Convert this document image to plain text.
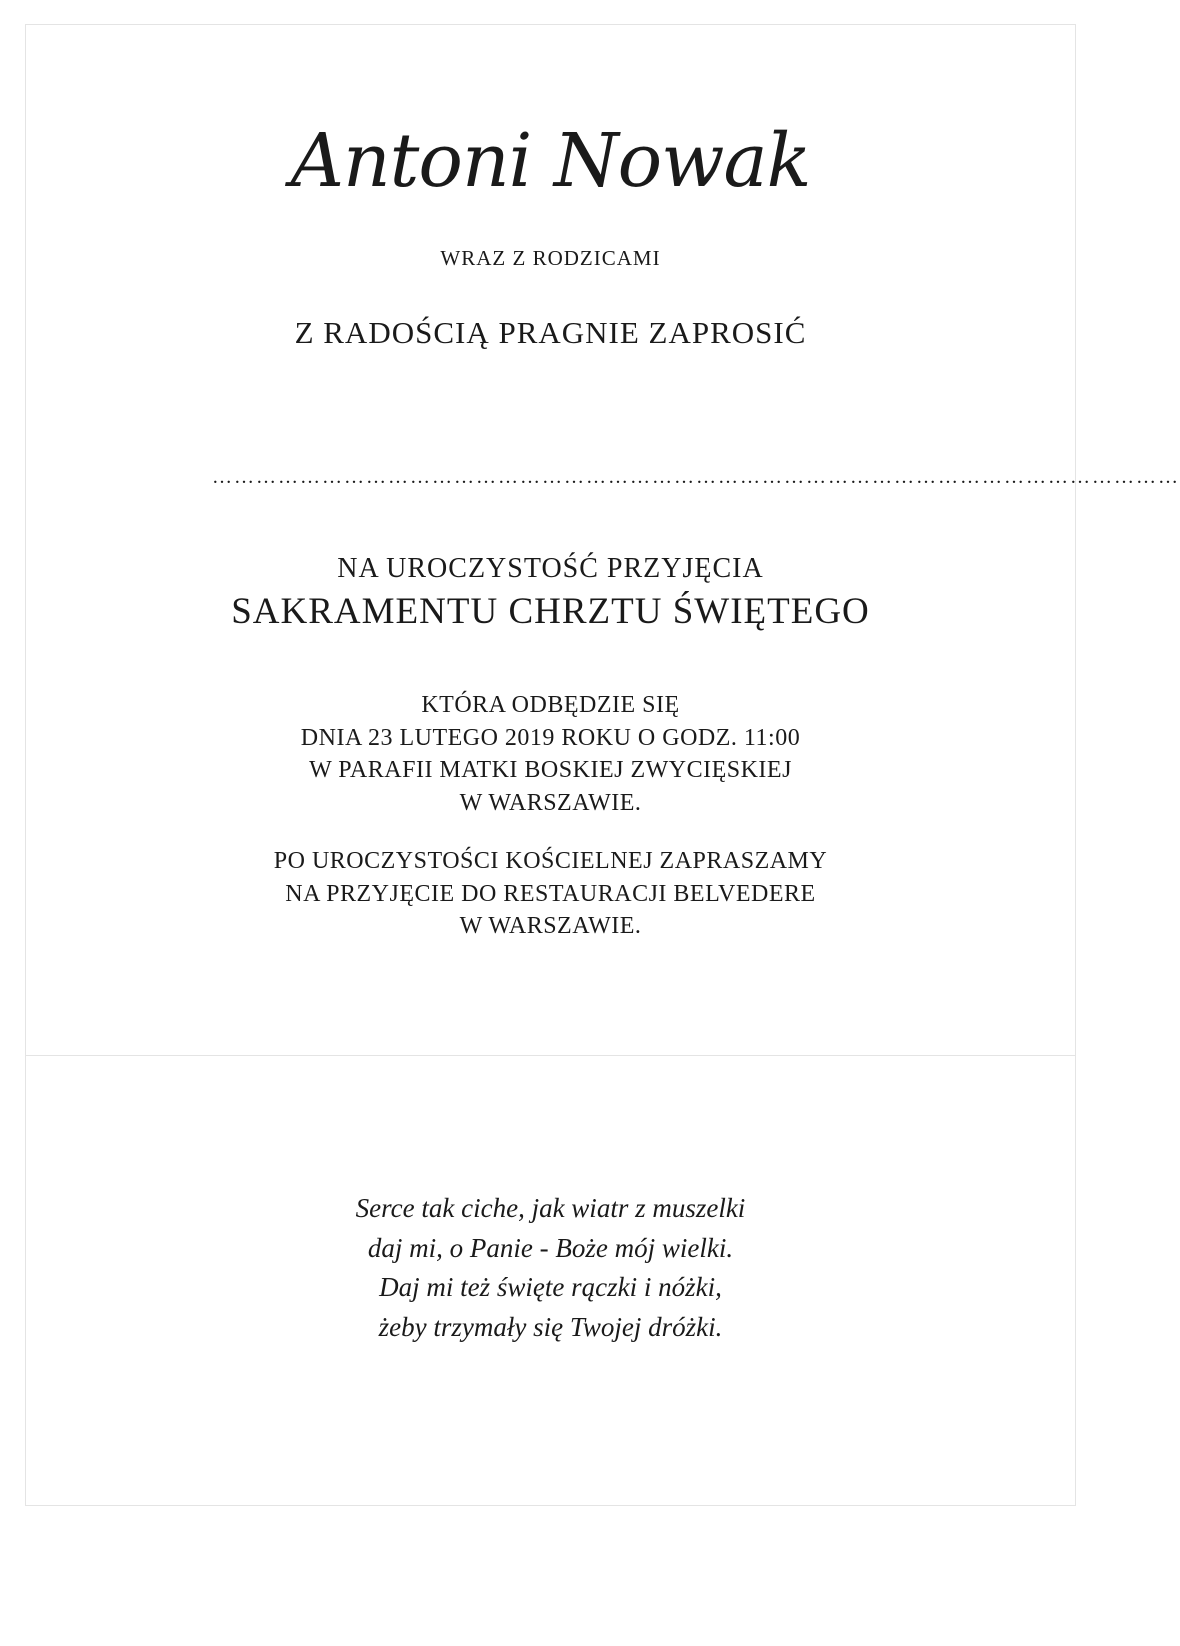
Antoni Nowak
WRAZ Z RODZICAMI
Z RADOŚCIĄ PRAGNIE ZAPROSIĆ
……………………………………………………………………………………………………………………
NA UROCZYSTOŚĆ PRZYJĘCIA
SAKRAMENTU CHRZTU ŚWIĘTEGO
KTÓRA ODBĘDZIE SIĘ
DNIA 23 LUTEGO 2019 ROKU O GODZ. 11:00
W PARAFII MATKI BOSKIEJ ZWYCIĘSKIEJ
W WARSZAWIE.
PO UROCZYSTOŚCI KOŚCIELNEJ ZAPRASZAMY
NA PRZYJĘCIE DO RESTAURACJI BELVEDERE
W WARSZAWIE.
Serce tak ciche, jak wiatr z muszelki
daj mi, o Panie - Boże mój wielki.
Daj mi też święte rączki i nóżki,
żeby trzymały się Twojej dróżki.
